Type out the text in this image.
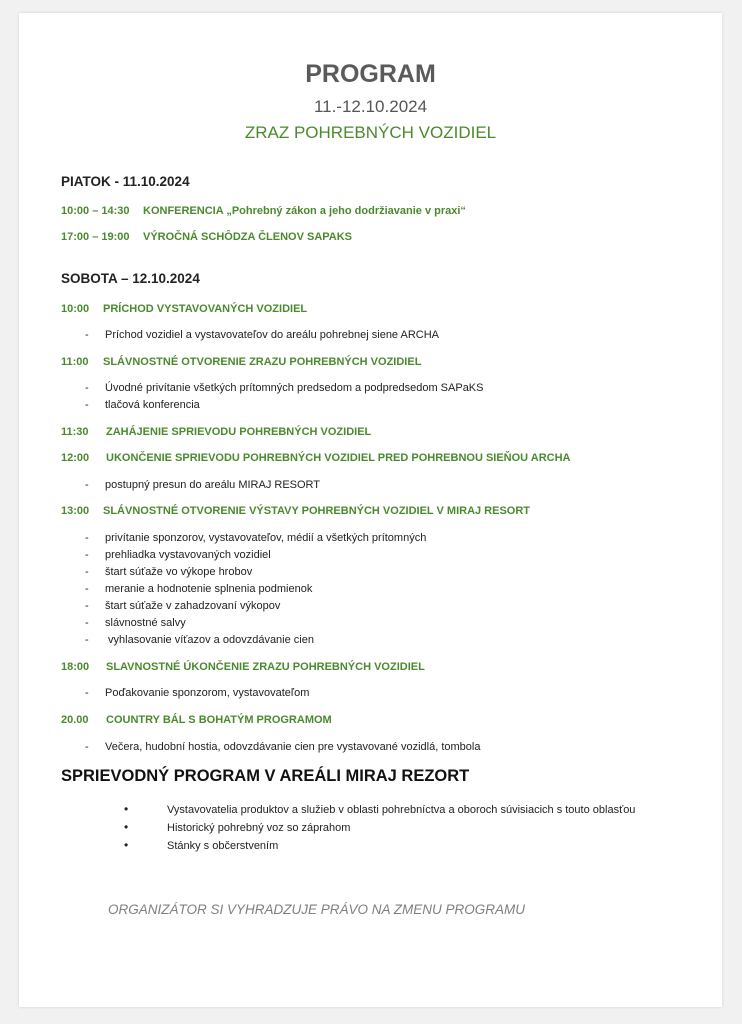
PROGRAM
11.-12.10.2024
ZRAZ POHREBNÝCH VOZIDIEL
PIATOK - 11.10.2024
10:00 – 14:30 KONFERENCIA „Pohrebný zákon a jeho dodržiavanie v praxi“
17:00 – 19:00 VÝROČNÁ SCHÔDZA ČLENOV SAPAKS
SOBOTA – 12.10.2024
10:00 PRÍCHOD VYSTAVOVANÝCH VOZIDIEL
- Príchod vozidiel a vystavovateľov do areálu pohrebnej siene ARCHA
11:00 SLÁVNOSTNÉ OTVORENIE ZRAZU POHREBNÝCH VOZIDIEL
- Úvodné privítanie všetkých prítomných predsedom a podpredsedom SAPaKS
- tlačová konferencia
11:30 ZAHÁJENIE SPRIEVODU POHREBNÝCH VOZIDIEL
12:00 UKONČENIE SPRIEVODU POHREBNÝCH VOZIDIEL PRED POHREBNOU SIEŇOU ARCHA
- postupný presun do areálu MIRAJ RESORT
13:00 SLÁVNOSTNÉ OTVORENIE VÝSTAVY POHREBNÝCH VOZIDIEL V MIRAJ RESORT
- privítanie sponzorov, vystavovateľov, médií a všetkých prítomných
- prehliadka vystavovaných vozidiel
- štart súťaže vo výkope hrobov
- meranie a hodnotenie splnenia podmienok
- štart súťaže v zahadzovaní výkopov
- slávnostné salvy
- vyhlasovanie víťazov a odovzdávanie cien
18:00 SLAVNOSTNÉ ÚKONČENIE ZRAZU POHREBNÝCH VOZIDIEL
- Poďakovanie sponzorom, vystavovateľom
20.00 COUNTRY BÁL S BOHATÝM PROGRAMOM
- Večera, hudobní hostia, odovzdávanie cien pre vystavované vozidlá, tombola
SPRIEVODNÝ PROGRAM V AREÁLI MIRAJ REZORT
•	Vystavovatelia produktov a služieb v oblasti pohrebníctva a oboroch súvisiacich s touto oblasťou
•	Historický pohrebný voz so záprahom
•	Stánky s občerstvením
ORGANIZÁTOR SI VYHRADZUJE PRÁVO NA ZMENU PROGRAMU
